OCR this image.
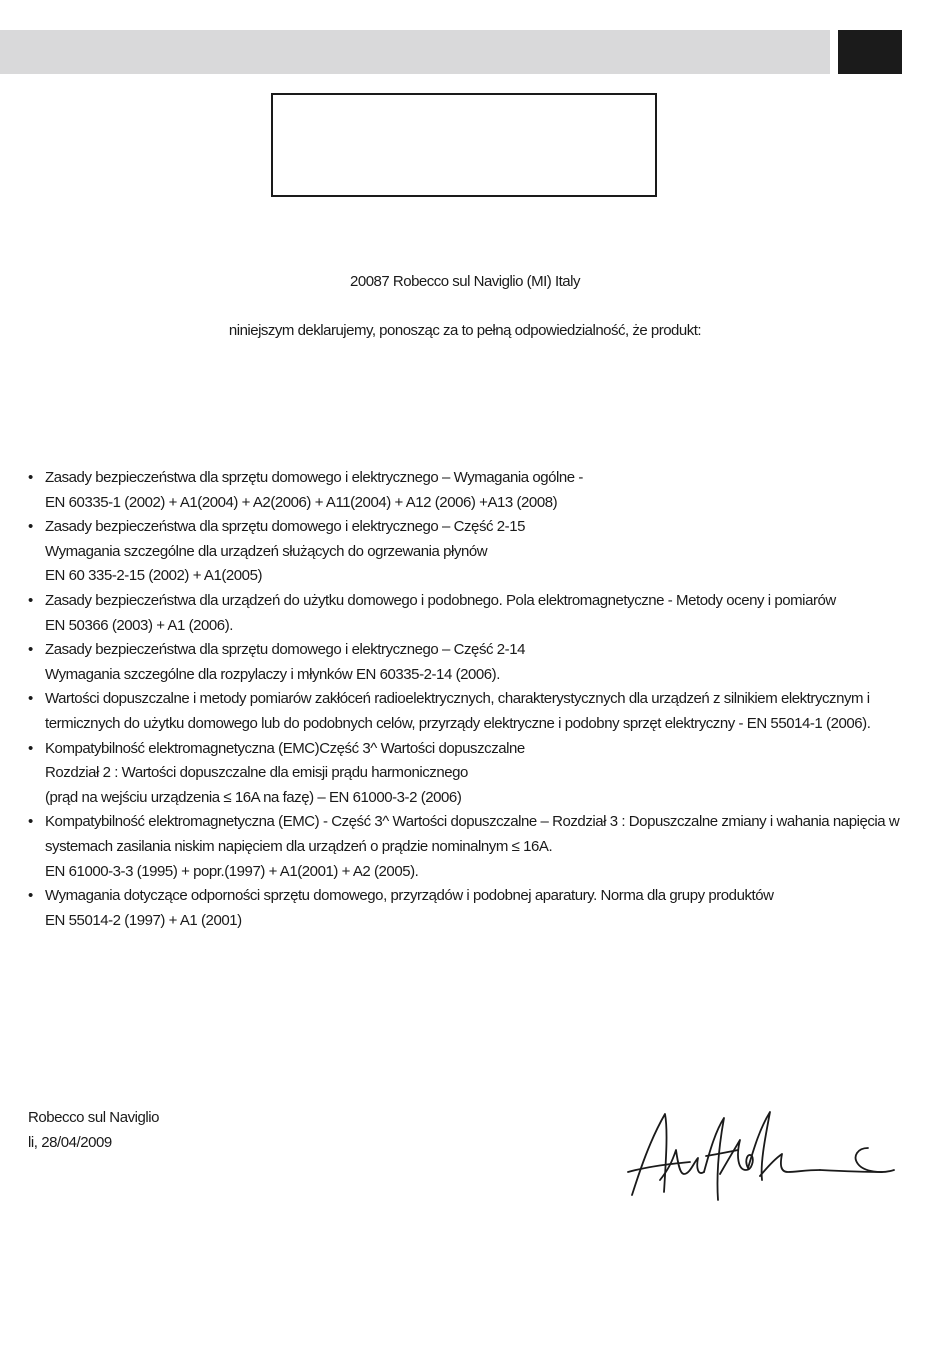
20087 Robecco sul Naviglio (MI) Italy
niniejszym deklarujemy, ponosząc za to pełną odpowiedzialność, że produkt:
• Zasady bezpieczeństwa dla sprzętu domowego i elektrycznego – Wymagania ogólne -
EN 60335-1 (2002) + A1(2004) + A2(2006) + A11(2004) + A12 (2006) +A13 (2008)
• Zasady bezpieczeństwa dla sprzętu domowego i elektrycznego – Część 2-15
Wymagania szczególne dla urządzeń służących do ogrzewania płynów
EN 60 335-2-15 (2002) + A1(2005)
• Zasady bezpieczeństwa dla urządzeń do użytku domowego i podobnego. Pola elektromagnetyczne - Metody oceny i pomiarów
EN 50366 (2003) + A1 (2006).
• Zasady bezpieczeństwa dla sprzętu domowego i elektrycznego – Część 2-14
Wymagania szczególne dla rozpylaczy i młynków EN 60335-2-14 (2006).
• Wartości dopuszczalne i metody pomiarów zakłóceń radioelektrycznych, charakterystycznych dla urządzeń z silnikiem elektrycznym i
termicznych do użytku domowego lub do podobnych celów, przyrządy elektryczne i podobny sprzęt elektryczny - EN 55014-1 (2006).
• Kompatybilność elektromagnetyczna (EMC)Część 3^ Wartości dopuszczalne
Rozdział 2 : Wartości dopuszczalne dla emisji prądu harmonicznego
(prąd na wejściu urządzenia ≤ 16A na fazę) – EN 61000-3-2 (2006)
• Kompatybilność elektromagnetyczna (EMC) - Część 3^ Wartości dopuszczalne – Rozdział 3 : Dopuszczalne zmiany i wahania napięcia w
systemach zasilania niskim napięciem dla urządzeń o prądzie nominalnym ≤ 16A.
EN 61000-3-3 (1995) + popr.(1997) + A1(2001) + A2 (2005).
• Wymagania dotyczące odporności sprzętu domowego, przyrządów i podobnej aparatury. Norma dla grupy produktów
EN 55014-2 (1997) + A1 (2001)
Robecco sul Naviglio
li, 28/04/2009
